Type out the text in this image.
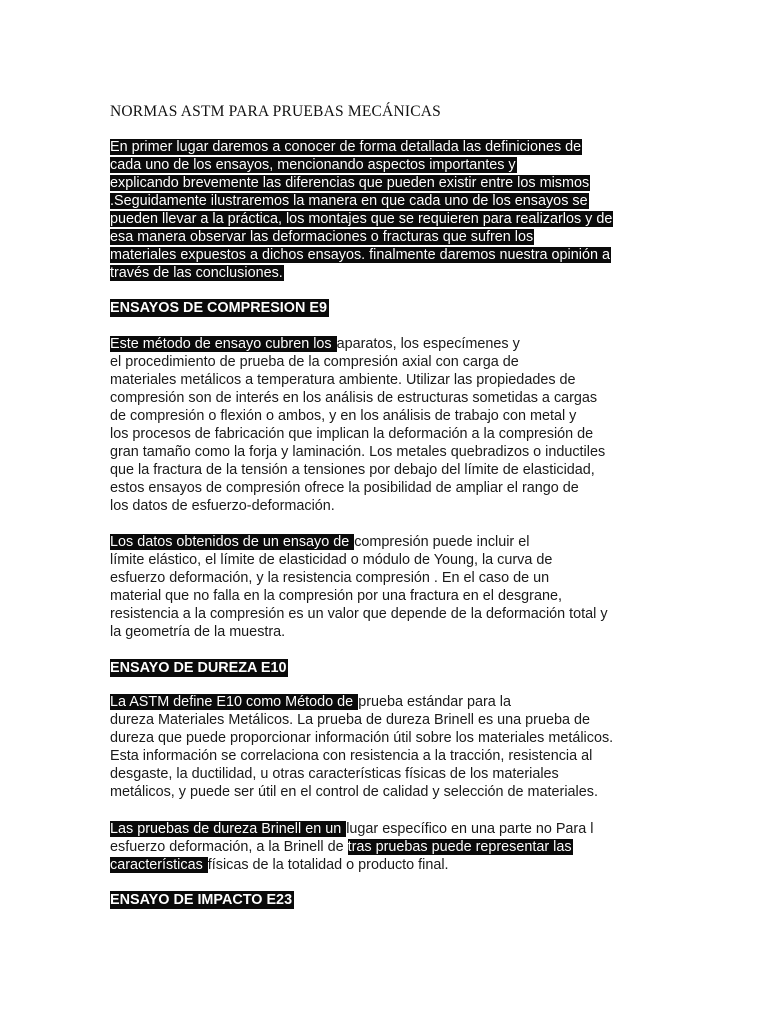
NORMAS ASTM PARA PRUEBAS MECÁNICAS
En primer lugar daremos a conocer de forma detallada las definiciones de
cada uno de los ensayos, mencionando aspectos importantes y
explicando brevemente las diferencias que pueden existir entre los mismos
.Seguidamente ilustraremos la manera en que cada uno de los ensayos se
pueden llevar a la práctica, los montajes que se requieren para realizarlos y de
esa manera observar las deformaciones o fracturas que sufren los
materiales expuestos a dichos ensayos. finalmente daremos nuestra opinión a
través de las conclusiones.
ENSAYOS DE COMPRESION E9
Este método de ensayo cubren los aparatos, los especímenes y
el procedimiento de prueba de la compresión axial con carga de
materiales metálicos a temperatura ambiente. Utilizar las propiedades de
compresión son de interés en los análisis de estructuras sometidas a cargas
de compresión o flexión o ambos, y en los análisis de trabajo con metal y
los procesos de fabricación que implican la deformación a la compresión de
gran tamaño como la forja y laminación. Los metales quebradizos o inductiles
que la fractura de la tensión a tensiones por debajo del límite de elasticidad,
estos ensayos de compresión ofrece la posibilidad de ampliar el rango de
los datos de esfuerzo-deformación.
Los datos obtenidos de un ensayo de compresión puede incluir el
límite elástico, el límite de elasticidad o módulo de Young, la curva de
esfuerzo deformación, y la resistencia compresión . En el caso de un
material que no falla en la compresión por una fractura en el desgrane,
resistencia a la compresión es un valor que depende de la deformación total y
la geometría de la muestra.
ENSAYO DE DUREZA E10
La ASTM define E10 como Método de prueba estándar para la
dureza Materiales Metálicos. La prueba de dureza Brinell es una prueba de
dureza que puede proporcionar información útil sobre los materiales metálicos.
Esta información se correlaciona con resistencia a la tracción, resistencia al
desgaste, la ductilidad, u otras características físicas de los materiales
metálicos, y puede ser útil en el control de calidad y selección de materiales.
Las pruebas de dureza Brinell en un lugar específico en una parte no Para l
esfuerzo deformación, a la Brinell de tras pruebas puede representar las
características físicas de la totalidad o producto final.
ENSAYO DE IMPACTO E23
